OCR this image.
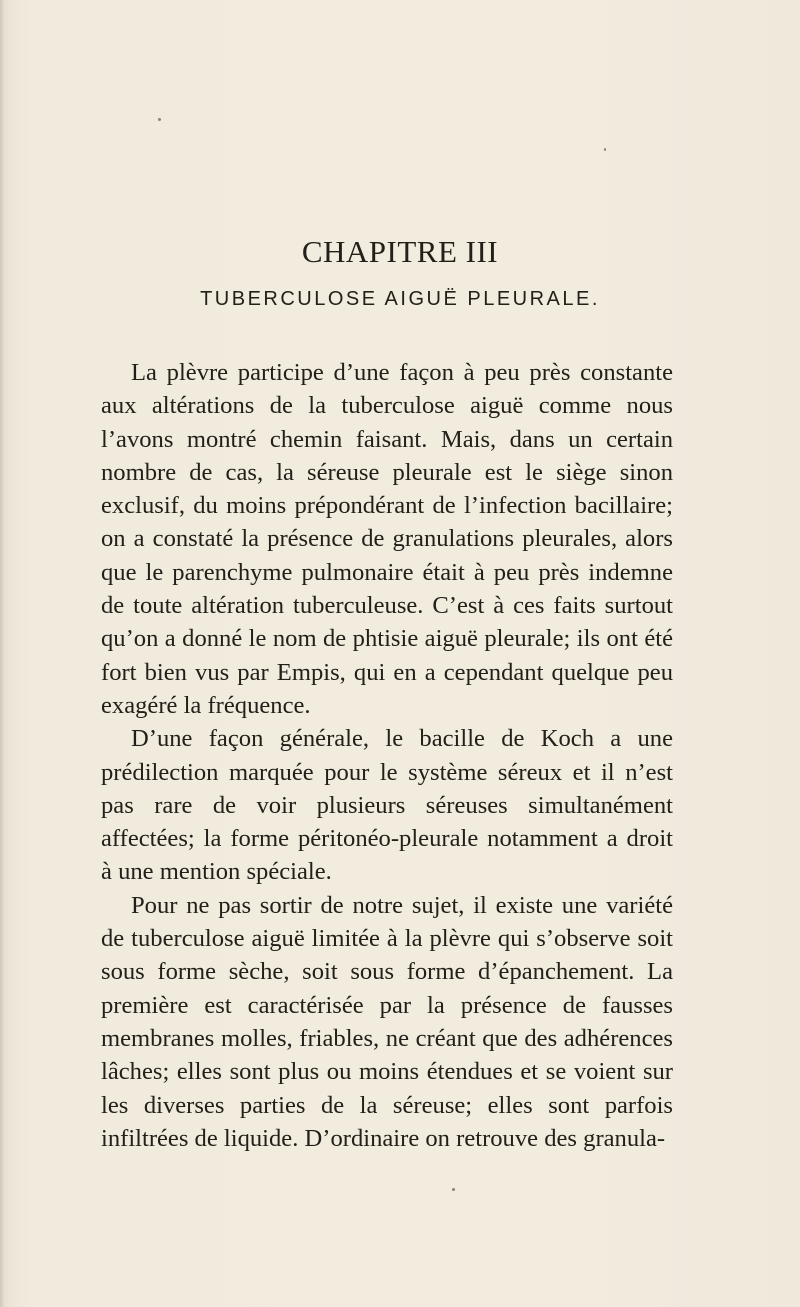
CHAPITRE III
TUBERCULOSE AIGUË PLEURALE.

La plèvre participe d’une façon à peu près constante aux altérations de la tuberculose aiguë comme nous l’avons montré chemin faisant. Mais, dans un certain nombre de cas, la séreuse pleurale est le siège sinon exclusif, du moins prépondérant de l’infection bacillaire; on a constaté la présence de granulations pleurales, alors que le parenchyme pulmonaire était à peu près indemne de toute altération tuberculeuse. C’est à ces faits surtout qu’on a donné le nom de phtisie aiguë pleurale; ils ont été fort bien vus par Empis, qui en a cependant quelque peu exagéré la fréquence.

D’une façon générale, le bacille de Koch a une prédilection marquée pour le système séreux et il n’est pas rare de voir plusieurs séreuses simultanément affectées; la forme péritonéo-pleurale notamment a droit à une mention spéciale.

Pour ne pas sortir de notre sujet, il existe une variété de tuberculose aiguë limitée à la plèvre qui s’observe soit sous forme sèche, soit sous forme d’épanchement. La première est caractérisée par la présence de fausses membranes molles, friables, ne créant que des adhérences lâches; elles sont plus ou moins étendues et se voient sur les diverses parties de la séreuse; elles sont parfois infiltrées de liquide. D’ordinaire on retrouve des granula-
